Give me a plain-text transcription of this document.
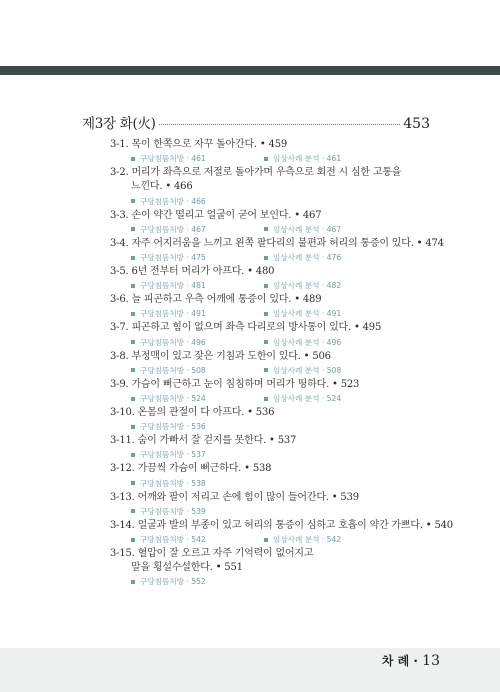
제3장 화(火)	453
3-1. 목이 한쪽으로 자꾸 돌아간다. • 459
구당침뜸처방 · 461	임상사례 분석 · 461
3-2. 머리가 좌측으로 저절로 돌아가며 우측으로 회전 시 심한 고통을
느낀다. • 466
구당침뜸처방 · 466
3-3. 손이 약간 떨리고 얼굴이 굳어 보인다. • 467
구당침뜸처방 · 467	임상사례 분석 · 467
3-4. 자주 어지러움을 느끼고 왼쪽 팔다리의 불편과 허리의 통증이 있다. • 474
구당침뜸처방 · 475	임상사례 분석 · 476
3-5. 6년 전부터 머리가 아프다. • 480
구당침뜸처방 · 481	임상사례 분석 · 482
3-6. 늘 피곤하고 우측 어깨에 통증이 있다. • 489
구당침뜸처방 · 491	임상사례 분석 · 491
3-7. 피곤하고 힘이 없으며 좌측 다리로의 방사통이 있다. • 495
구당침뜸처방 · 496	임상사례 분석 · 496
3-8. 부정맥이 있고 잦은 기침과 도한이 있다. • 506
구당침뜸처방 · 508	임상사례 분석 · 508
3-9. 가슴이 뻐근하고 눈이 침침하며 머리가 띵하다. • 523
구당침뜸처방 · 524	임상사례 분석 · 524
3-10. 온몸의 관절이 다 아프다. • 536
구당침뜸처방 · 536
3-11. 숨이 가빠서 잘 걷지를 못한다. • 537
구당침뜸처방 · 537
3-12. 가끔씩 가슴이 뻐근하다. • 538
구당침뜸처방 · 538
3-13. 어깨와 팔이 저리고 손에 힘이 많이 들어간다. • 539
구당침뜸처방 · 539
3-14. 얼굴과 발의 부종이 있고 허리의 통증이 심하고 호흡이 약간 가쁘다. • 540
구당침뜸처방 · 542	임상사례 분석 · 542
3-15. 혈압이 잘 오르고 자주 기억력이 없어지고
말을 횡설수설한다. • 551
구당침뜸처방 · 552
차 례 · 13
